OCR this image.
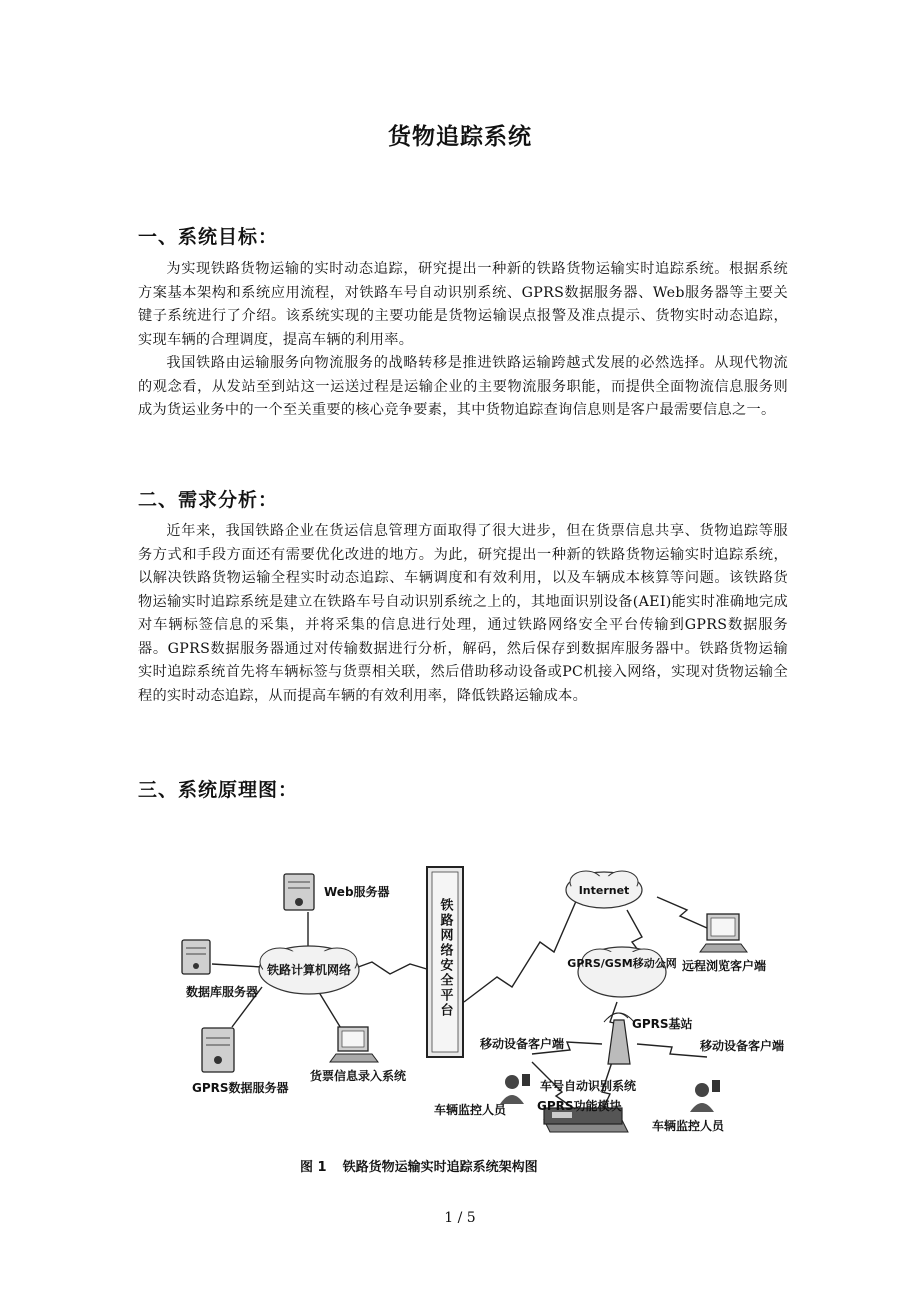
货物追踪系统
一、系统目标：

为实现铁路货物运输的实时动态追踪，研究提出一种新的铁路货物运输实时追踪系统。根据系统方案基本架构和系统应用流程，对铁路车号自动识别系统、GPRS数据服务器、Web服务器等主要关键子系统进行了介绍。该系统实现的主要功能是货物运输误点报警及准点提示、货物实时动态追踪，实现车辆的合理调度，提高车辆的利用率。

我国铁路由运输服务向物流服务的战略转移是推进铁路运输跨越式发展的必然选择。从现代物流的观念看，从发站至到站这一运送过程是运输企业的主要物流服务职能，而提供全面物流信息服务则成为货运业务中的一个至关重要的核心竞争要素，其中货物追踪查询信息则是客户最需要信息之一。

二、需求分析：

近年来，我国铁路企业在货运信息管理方面取得了很大进步，但在货票信息共享、货物追踪等服务方式和手段方面还有需要优化改进的地方。为此，研究提出一种新的铁路货物运输实时追踪系统，以解决铁路货物运输全程实时动态追踪、车辆调度和有效利用，以及车辆成本核算等问题。该铁路货物运输实时追踪系统是建立在铁路车号自动识别系统之上的，其地面识别设备(AEI)能实时准确地完成对车辆标签信息的采集，并将采集的信息进行处理，通过铁路网络安全平台传输到GPRS数据服务器。GPRS数据服务器通过对传输数据进行分析，解码，然后保存到数据库服务器中。铁路货物运输实时追踪系统首先将车辆标签与货票相关联，然后借助移动设备或PC机接入网络，实现对货物运输全程的实时动态追踪，从而提高车辆的有效利用率，降低铁路运输成本。

三、系统原理图：
铁路网络安全平台
铁路计算机网络
Internet
GPRS/GSM移动公网
Web服务器
数据库服务器
GPRS数据服务器
货票信息录入系统
远程浏览客户端
GPRS基站
移动设备客户端	移动设备客户端
车辆监控人员
车辆监控人员
车号自动识别系统
GPRS功能模块
图 1 铁路货物运输实时追踪系统架构图
1 / 5
